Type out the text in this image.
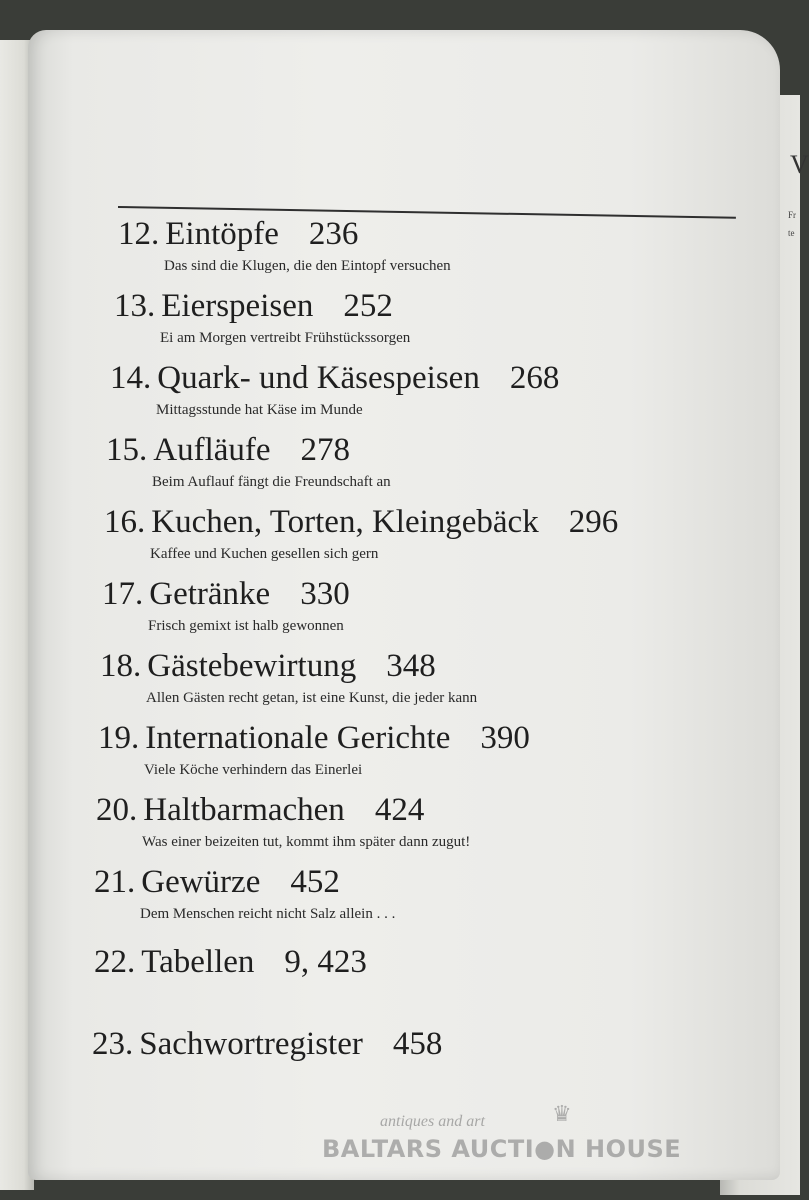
V
Fr
te
12. Eintöpfe 236
Das sind die Klugen, die den Eintopf versuchen
13. Eierspeisen 252
Ei am Morgen vertreibt Frühstückssorgen
14. Quark- und Käsespeisen 268
Mittagsstunde hat Käse im Munde
15. Aufläufe 278
Beim Auflauf fängt die Freundschaft an
16. Kuchen, Torten, Kleingebäck 296
Kaffee und Kuchen gesellen sich gern
17. Getränke 330
Frisch gemixt ist halb gewonnen
18. Gästebewirtung 348
Allen Gästen recht getan, ist eine Kunst, die jeder kann
19. Internationale Gerichte 390
Viele Köche verhindern das Einerlei
20. Haltbarmachen 424
Was einer beizeiten tut, kommt ihm später dann zugut!
21. Gewürze 452
Dem Menschen reicht nicht Salz allein . . .
22. Tabellen 9, 423
23. Sachwortregister 458
antiques and art	♛
BALTARS AUCTI●N HOUSE
